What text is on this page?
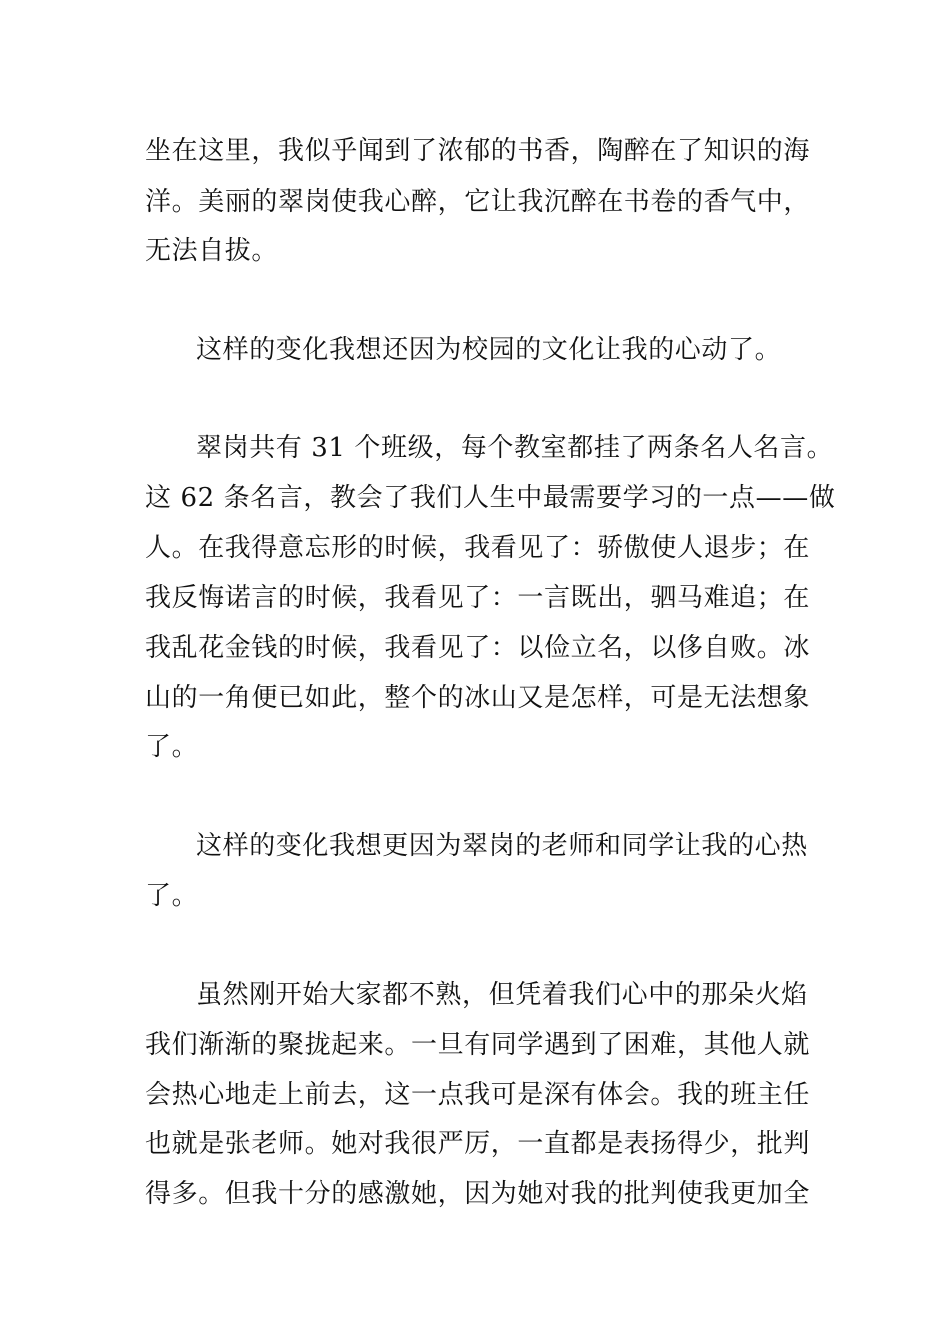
坐在这里，我似乎闻到了浓郁的书香，陶醉在了知识的海
洋。美丽的翠岗使我心醉，它让我沉醉在书卷的香气中，
无法自拔。
这样的变化我想还因为校园的文化让我的心动了。
翠岗共有 31 个班级，每个教室都挂了两条名人名言。
这 62 条名言，教会了我们人生中最需要学习的一点——做
人。在我得意忘形的时候，我看见了：骄傲使人退步；在
我反悔诺言的时候，我看见了：一言既出，驷马难追；在
我乱花金钱的时候，我看见了：以俭立名，以侈自败。冰
山的一角便已如此，整个的冰山又是怎样，可是无法想象
了。
这样的变化我想更因为翠岗的老师和同学让我的心热
了。
虽然刚开始大家都不熟，但凭着我们心中的那朵火焰
我们渐渐的聚拢起来。一旦有同学遇到了困难，其他人就
会热心地走上前去，这一点我可是深有体会。我的班主任
也就是张老师。她对我很严厉，一直都是表扬得少，批判
得多。但我十分的感激她，因为她对我的批判使我更加全
